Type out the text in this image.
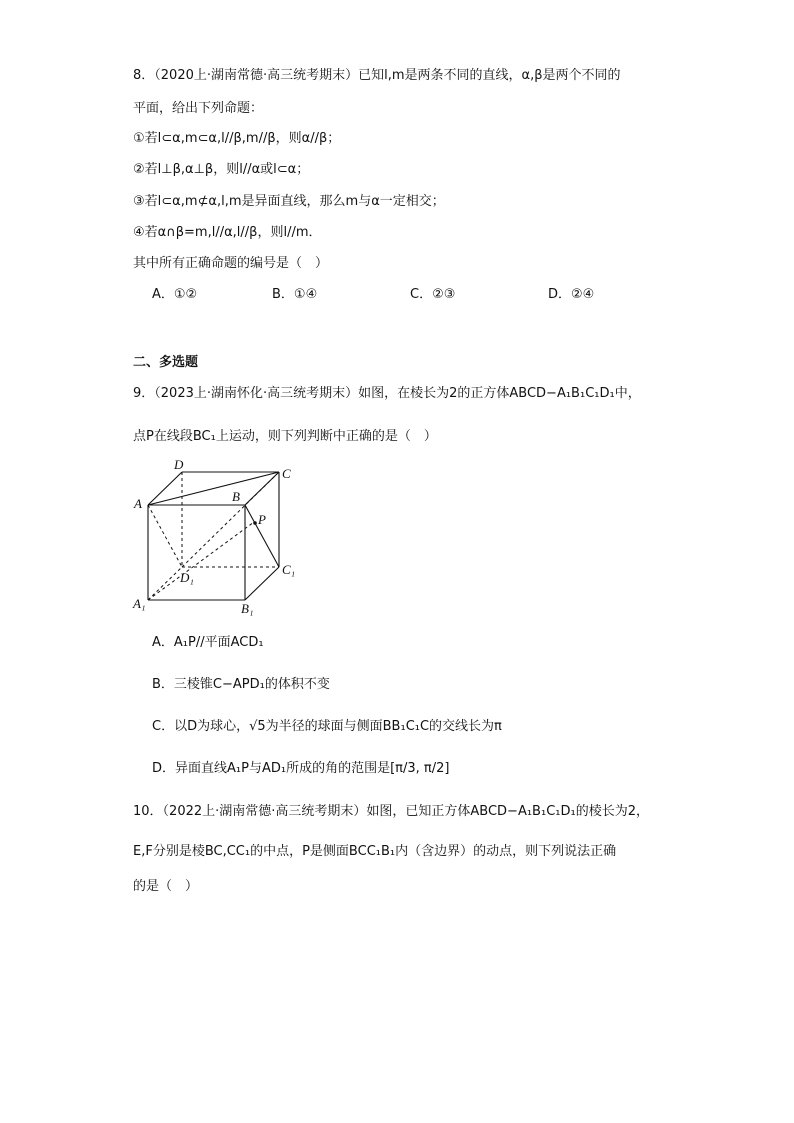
8．（2020上·湖南常德·高三统考期末）已知l,m是两条不同的直线，α,β是两个不同的
平面，给出下列命题：
①若l⊂α,m⊂α,l//β,m//β，则α//β；
②若l⊥β,α⊥β，则l//α或l⊂α；
③若l⊂α,m⊄α,l,m是异面直线，那么m与α一定相交；
④若α∩β=m,l//α,l//β，则l//m．
其中所有正确命题的编号是（　）
A．①②	B．①④	C．②③	D．②④
二、多选题
9．（2023上·湖南怀化·高三统考期末）如图，在棱长为2的正方体ABCD−A₁B₁C₁D₁中，
点P在线段BC₁上运动，则下列判断中正确的是（　）
D
C
A	B
P
D₁
C₁
A₁	B₁
A．A₁P//平面ACD₁
B．三棱锥C−APD₁的体积不变
C．以D为球心，√5为半径的球面与侧面BB₁C₁C的交线长为π
D．异面直线A₁P与AD₁所成的角的范围是[π/3, π/2]
10．（2022上·湖南常德·高三统考期末）如图，已知正方体ABCD−A₁B₁C₁D₁的棱长为2，
E,F分别是棱BC,CC₁的中点，P是侧面BCC₁B₁内（含边界）的动点，则下列说法正确
的是（　）
